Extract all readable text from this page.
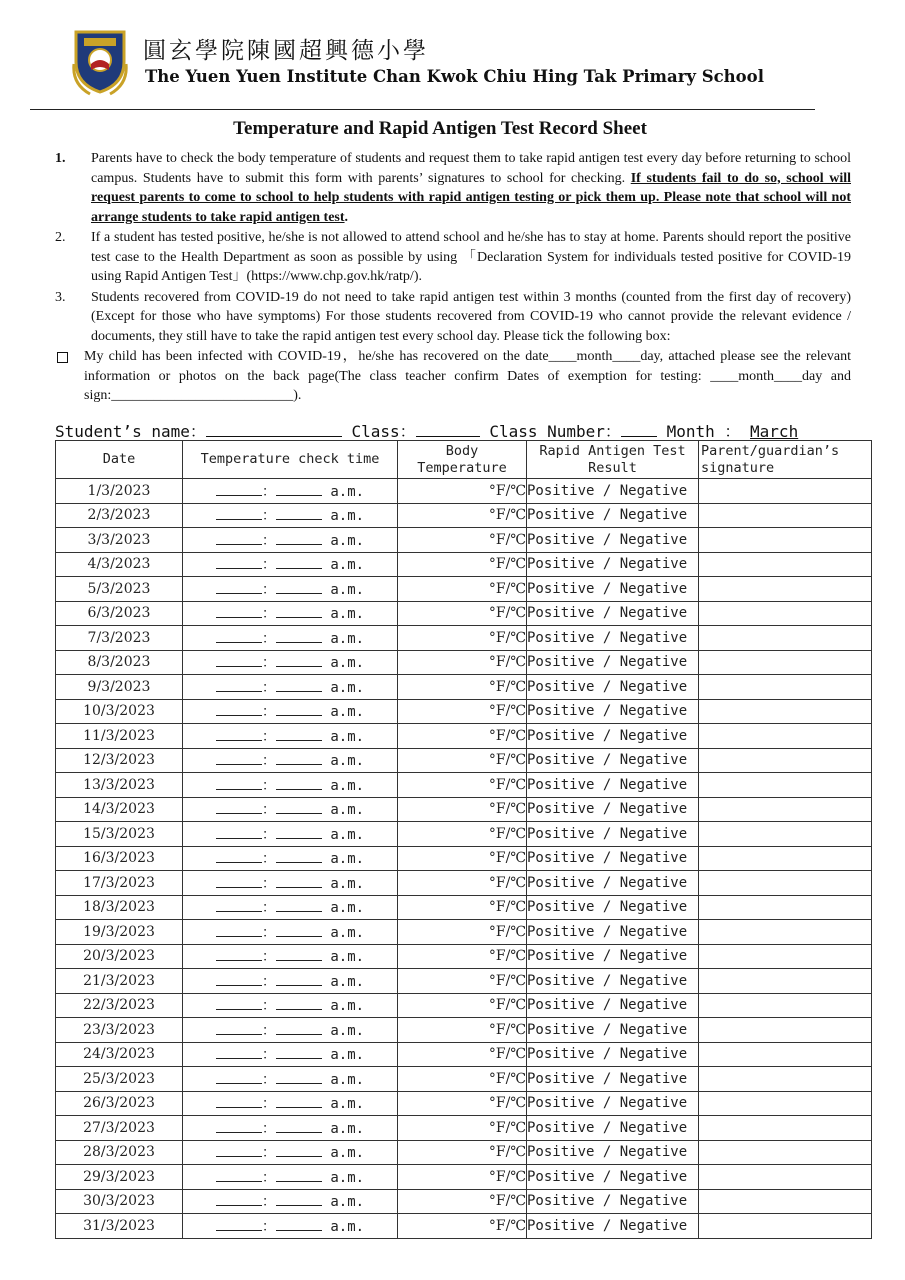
圓玄學院陳國超興德小學
The Yuen Yuen Institute Chan Kwok Chiu Hing Tak Primary School
Temperature and Rapid Antigen Test Record Sheet
1. Parents have to check the body temperature of students and request them to take rapid antigen test every day before returning to school campus. Students have to submit this form with parents’ signatures to school for checking. If students fail to do so, school will request parents to come to school to help students with rapid antigen testing or pick them up. Please note that school will not arrange students to take rapid antigen test.
2. If a student has tested positive, he/she is not allowed to attend school and he/she has to stay at home. Parents should report the positive test case to the Health Department as soon as possible by using 「Declaration System for individuals tested positive for COVID-19 using Rapid Antigen Test」(https://www.chp.gov.hk/ratp/).
3. Students recovered from COVID-19 do not need to take rapid antigen test within 3 months (counted from the first day of recovery) (Except for those who have symptoms) For those students recovered from COVID-19 who cannot provide the relevant evidence / documents, they still have to take the rapid antigen test every school day. Please tick the following box:
My child has been infected with COVID-19，he/she has recovered on the date____month____day, attached please see the relevant information or photos on the back page(The class teacher confirm Dates of exemption for testing: ____month____day and sign:__________________________).
Student’s name：	Class：	Class Number：	Month ： March
Date	Temperature check time	Body Temperature	Rapid Antigen Test Result	Parent/guardian’s signature
1/3/2023	： a.m.	°F/℃	Positive / Negative	
2/3/2023	： a.m.	°F/℃	Positive / Negative	
3/3/2023	： a.m.	°F/℃	Positive / Negative	
4/3/2023	： a.m.	°F/℃	Positive / Negative	
5/3/2023	： a.m.	°F/℃	Positive / Negative	
6/3/2023	： a.m.	°F/℃	Positive / Negative	
7/3/2023	： a.m.	°F/℃	Positive / Negative	
8/3/2023	： a.m.	°F/℃	Positive / Negative	
9/3/2023	： a.m.	°F/℃	Positive / Negative	
10/3/2023	： a.m.	°F/℃	Positive / Negative	
11/3/2023	： a.m.	°F/℃	Positive / Negative	
12/3/2023	： a.m.	°F/℃	Positive / Negative	
13/3/2023	： a.m.	°F/℃	Positive / Negative	
14/3/2023	： a.m.	°F/℃	Positive / Negative	
15/3/2023	： a.m.	°F/℃	Positive / Negative	
16/3/2023	： a.m.	°F/℃	Positive / Negative	
17/3/2023	： a.m.	°F/℃	Positive / Negative	
18/3/2023	： a.m.	°F/℃	Positive / Negative	
19/3/2023	： a.m.	°F/℃	Positive / Negative	
20/3/2023	： a.m.	°F/℃	Positive / Negative	
21/3/2023	： a.m.	°F/℃	Positive / Negative	
22/3/2023	： a.m.	°F/℃	Positive / Negative	
23/3/2023	： a.m.	°F/℃	Positive / Negative	
24/3/2023	： a.m.	°F/℃	Positive / Negative	
25/3/2023	： a.m.	°F/℃	Positive / Negative	
26/3/2023	： a.m.	°F/℃	Positive / Negative	
27/3/2023	： a.m.	°F/℃	Positive / Negative	
28/3/2023	： a.m.	°F/℃	Positive / Negative	
29/3/2023	： a.m.	°F/℃	Positive / Negative	
30/3/2023	： a.m.	°F/℃	Positive / Negative	
31/3/2023	： a.m.	°F/℃	Positive / Negative	
